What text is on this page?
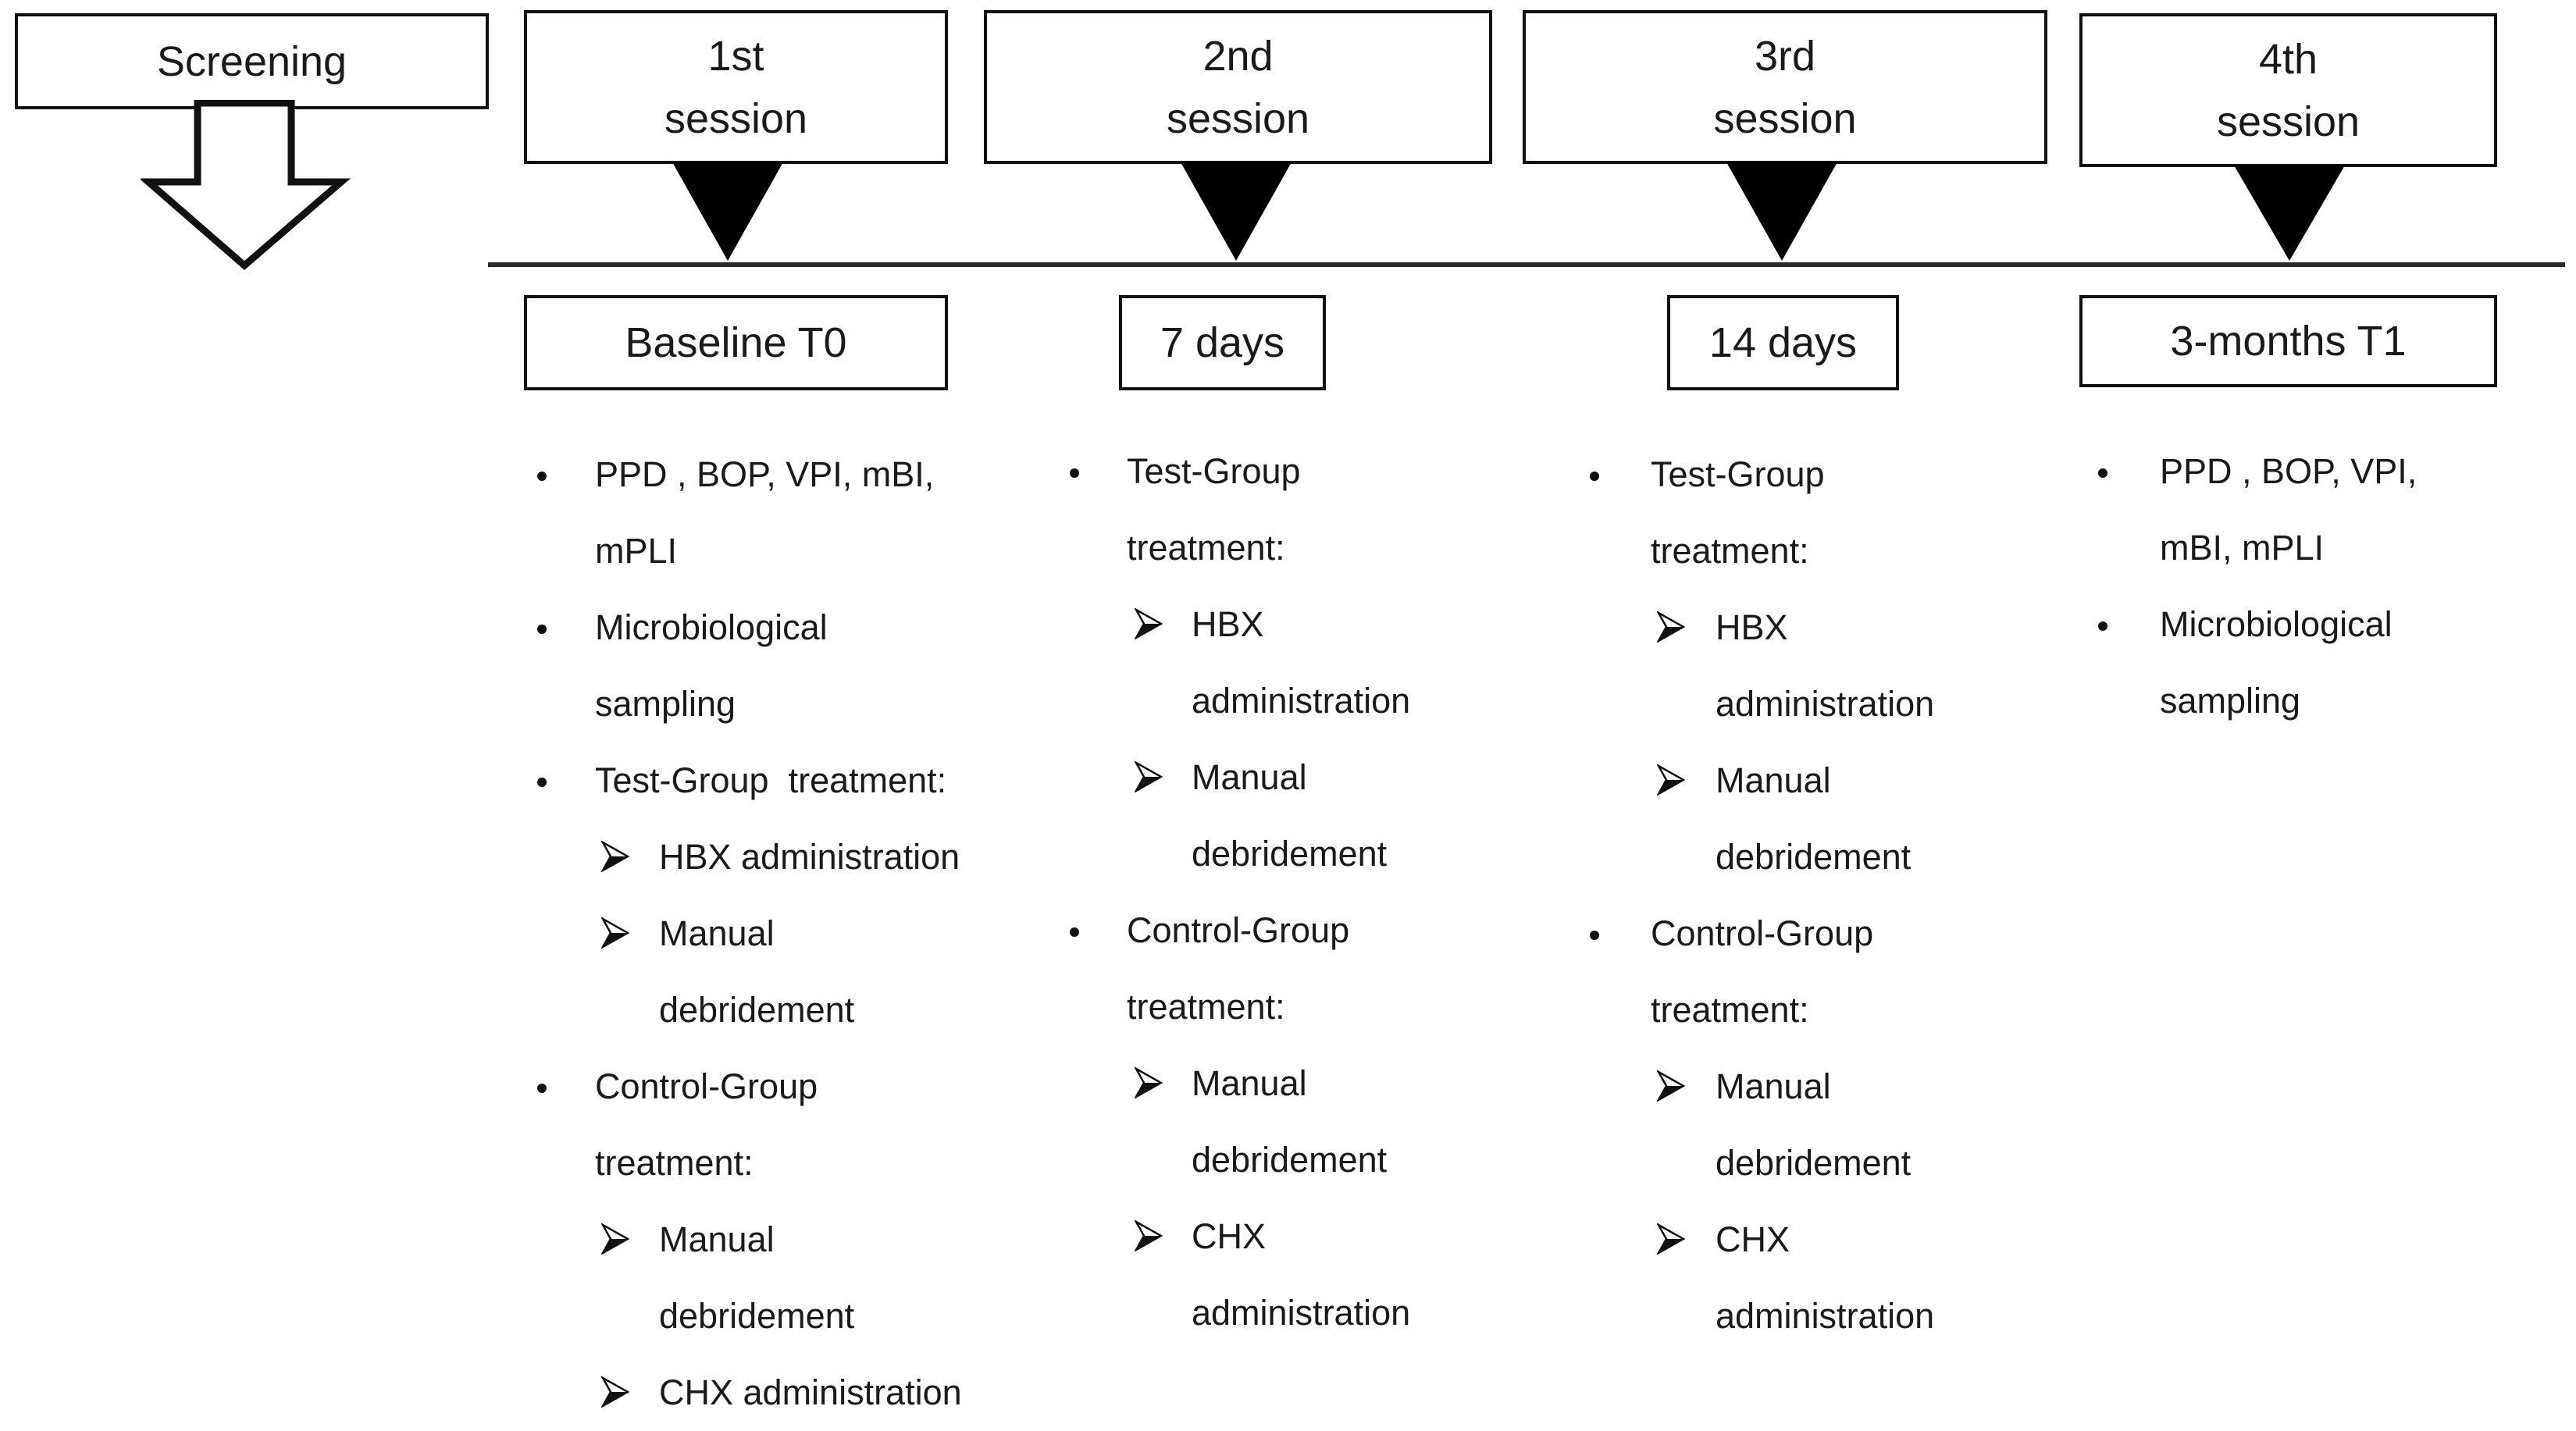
Screening	1st
session
2nd
session
3rd
session
4th
session
Baseline T0	7 days	14 days	3-months T1
PPD , BOP, VPI, mBI,
mPLI
Microbiological
sampling
Test-Group  treatment:
HBX administration
Manual
debridement
Control-Group
treatment:
Manual
debridement
CHX administration
Test-Group
treatment:
HBX
administration
Manual
debridement
Control-Group
treatment:
Manual
debridement
CHX
administration
Test-Group
treatment:
HBX
administration
Manual
debridement
Control-Group
treatment:
Manual
debridement
CHX
administration
PPD , BOP, VPI,
mBI, mPLI
Microbiological
sampling
